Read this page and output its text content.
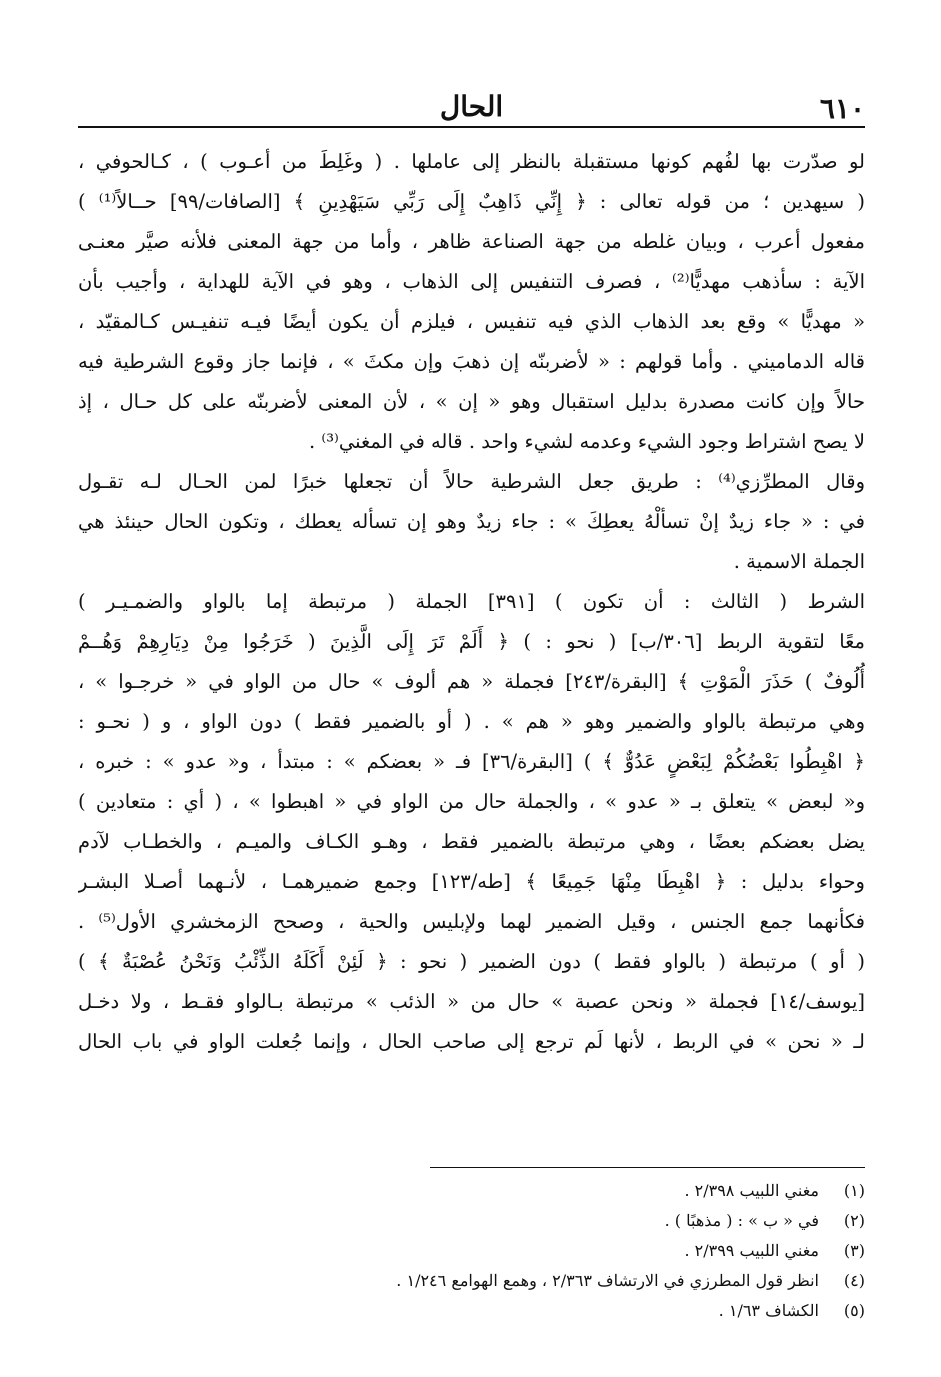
٦١٠
الحال
لو صدّرت بها لفُهم كونها مستقبلة بالنظر إلى عاملها . ( وغَلِطَ من أعـوب ) ، كـالحوفي ،
( سيهدين ؛ من قوله تعالى : ﴿ إِنِّي ذَاهِبٌ إِلَى رَبِّي سَيَهْدِينِ ﴾ [الصافات/٩٩] حــالاً⁽¹⁾ )
مفعول أعرب ، وبيان غلطه من جهة الصناعة ظاهر ، وأما من جهة المعنى فلأنه صيَّر معنـى
الآية : سأذهب مهديًّا⁽²⁾ ، فصرف التنفيس إلى الذهاب ، وهو في الآية للهداية ، وأجيب بأن
« مهديًّا » وقع بعد الذهاب الذي فيه تنفيس ، فيلزم أن يكون أيضًا فيـه تنفيـس كـالمقيّد ،
قاله الدماميني . وأما قولهم : « لأضربنّه إن ذهبَ وإن مكثَ » ، فإنما جاز وقوع الشرطية فيه
حالاً وإن كانت مصدرة بدليل استقبال وهو « إن » ، لأن المعنى لأضربنّه على كل حـال ، إذ
لا يصح اشتراط وجود الشيء وعدمه لشيء واحد . قاله في المغني⁽³⁾ .
وقال المطرِّزي⁽⁴⁾ : طريق جعل الشرطية حالاً أن تجعلها خبرًا لمن الحـال لـه تقـول
في : « جاء زيدٌ إنْ تسألْهُ يعطِكَ » : جاء زيدٌ وهو إن تسأله يعطك ، وتكون الحال حينئذ هي
الجملة الاسمية .
الشرط ( الثالث : أن تكون ) [٣٩١] الجملة ( مرتبطة إما بالواو والضمـيـر )
معًا لتقوية الربط [٣٠٦/ب] ( نحو : ) ﴿ أَلَمْ تَرَ إِلَى الَّذِينَ ( خَرَجُوا مِنْ دِيَارِهِمْ وَهُــمْ
أُلُوفٌ ) حَذَرَ الْمَوْتِ ﴾ [البقرة/٢٤٣] فجملة « هم ألوف » حال من الواو في « خرجـوا » ،
وهي مرتبطة بالواو والضمير وهو « هم » . ( أو بالضمير فقط ) دون الواو ، و ( نحـو :
﴿ اهْبِطُوا بَعْضُكُمْ لِبَعْضٍ عَدُوٌّ ﴾ ) [البقرة/٣٦] فـ « بعضكم » : مبتدأ ، و« عدو » : خبره ،
و« لبعض » يتعلق بـ « عدو » ، والجملة حال من الواو في « اهبطوا » ، ( أي : متعادين )
يضل بعضكم بعضًا ، وهي مرتبطة بالضمير فقط ، وهـو الكـاف والميـم ، والخطـاب لآدم
وحواء بدليل : ﴿ اهْبِطَا مِنْهَا جَمِيعًا ﴾ [طه/١٢٣] وجمع ضميرهمـا ، لأنـهما أصـلا البشـر
فكأنهما جمع الجنس ، وقيل الضمير لهما ولإبليس والحية ، وصحح الزمخشري الأول⁽⁵⁾ .
( أو ) مرتبطة ( بالواو فقط ) دون الضمير ( نحو : ﴿ لَئِنْ أَكَلَهُ الذِّئْبُ وَنَحْنُ عُصْبَةٌ ﴾ )
[يوسف/١٤] فجملة « ونحن عصبة » حال من « الذئب » مرتبطة بـالواو فقـط ، ولا دخـل
لـ « نحن » في الربط ، لأنها لَم ترجع إلى صاحب الحال ، وإنما جُعلت الواو في باب الحال
(١)مغني اللبيب ٢/٣٩٨ .
(٢)في « ب » : ( مذهبًا ) .
(٣)مغني اللبيب ٢/٣٩٩ .
(٤)انظر قول المطرزي في الارتشاف ٢/٣٦٣ ، وهمع الهوامع ١/٢٤٦ .
(٥)الكشاف ١/٦٣ .
